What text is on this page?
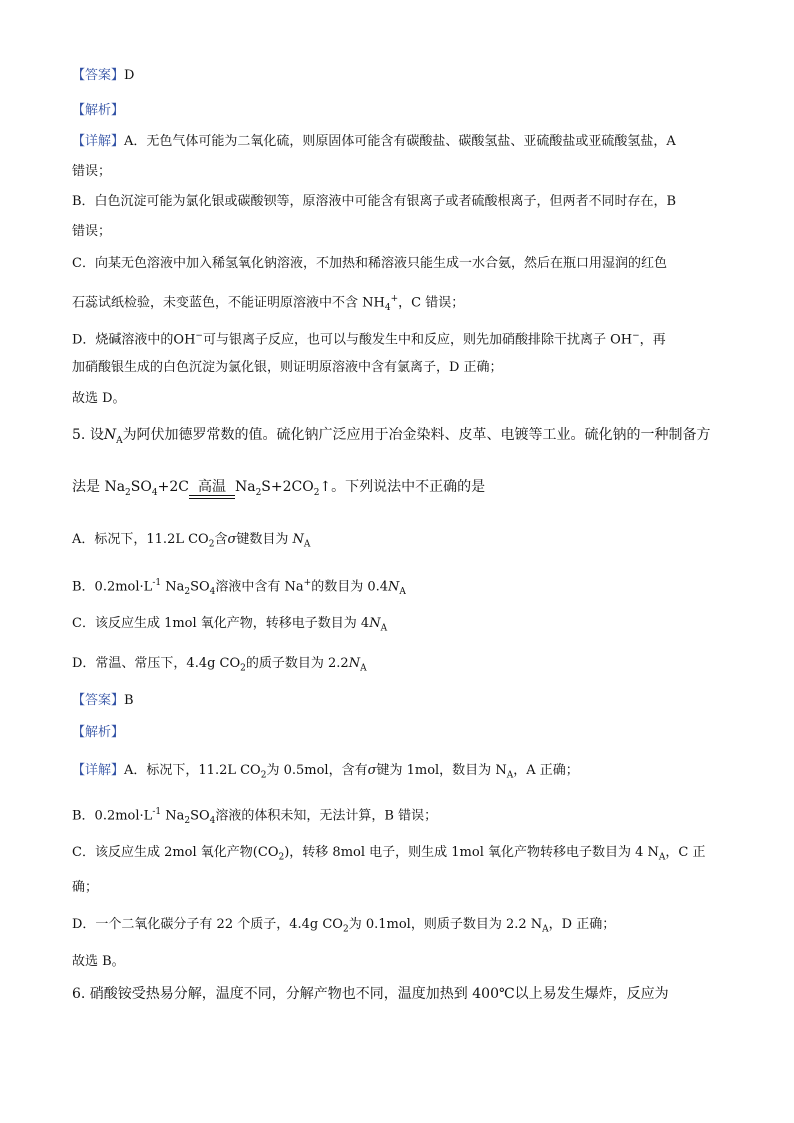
【答案】D
【解析】
【详解】A．无色气体可能为二氧化硫，则原固体可能含有碳酸盐、碳酸氢盐、亚硫酸盐或亚硫酸氢盐，A
错误；
B．白色沉淀可能为氯化银或碳酸钡等，原溶液中可能含有银离子或者硫酸根离子，但两者不同时存在，B
错误；
C．向某无色溶液中加入稀氢氧化钠溶液，不加热和稀溶液只能生成一水合氨，然后在瓶口用湿润的红色
石蕊试纸检验，未变蓝色，不能证明原溶液中不含 $NH_4^+$，C 错误；
D．烧碱溶液中的OH−可与银离子反应，也可以与酸发生中和反应，则先加硝酸排除干扰离子 OH−，再
加硝酸银生成的白色沉淀为氯化银，则证明原溶液中含有氯离子，D 正确；
故选 D。
5. 设$N_A$为阿伏加德罗常数的值。硫化钠广泛应用于冶金染料、皮革、电镀等工业。硫化钠的一种制备方
法是 $Na_2SO_4+2C$ 高温 $Na_2S+2CO_2↑$。下列说法中不正确的是
A．标况下，11.2L $CO_2$含σ键数目为 $N_A$
B．$0.2mol\cdot L^{-1}$ $Na_2SO_4$溶液中含有 Na+的数目为 $0.4N_A$
C．该反应生成 1mol 氧化产物，转移电子数目为 $4N_A$
D．常温、常压下，4.4g $CO_2$的质子数目为 $2.2N_A$
【答案】B
【解析】
【详解】A．标况下，11.2L $CO_2$为 0.5mol，含有σ键为 1mol，数目为 $N_A$，A 正确；
B．$0.2mol\cdot L^{-1}$ $Na_2SO_4$溶液的体积未知，无法计算，B 错误；
C．该反应生成 2mol 氧化产物$(CO_2)$，转移 8mol 电子，则生成 1mol 氧化产物转移电子数目为 4 $N_A$，C 正
确；
D．一个二氧化碳分子有 22 个质子，4.4g $CO_2$为 0.1mol，则质子数目为 2.2 $N_A$，D 正确；
故选 B。
6. 硝酸铵受热易分解，温度不同，分解产物也不同，温度加热到 400℃以上易发生爆炸，反应为
